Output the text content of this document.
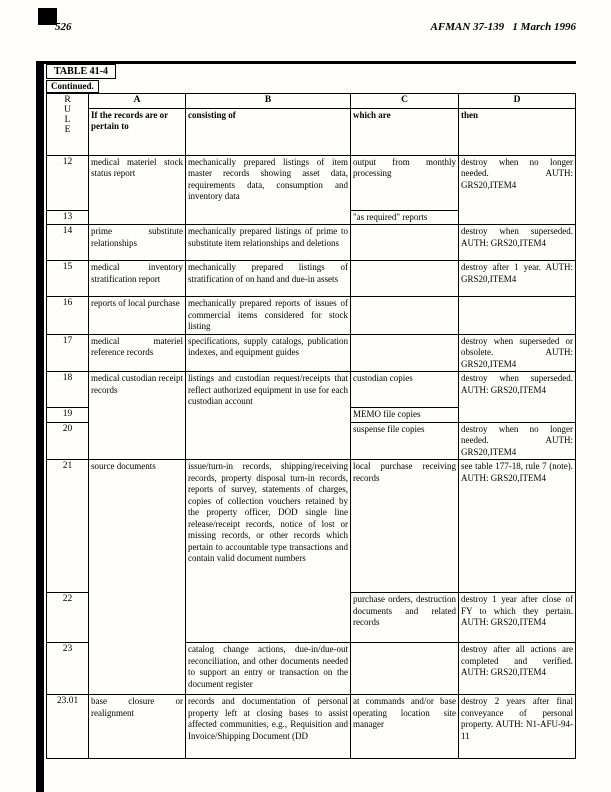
526	AFMAN 37-139   1 March 1996
TABLE 41-4
Continued.
R
U
L
E	A	B	C	D
	If the records are or pertain to	consisting of	which are	then
12	medical materiel stock status report	mechanically prepared listings of item master records showing asset data, requirements data, consumption and inventory data	output from monthly processing	destroy when no longer needed. AUTH: GRS20,ITEM4
13			"as required" reports	
14	prime substitute relationships	mechanically prepared listings of prime to substitute item relationships and deletions		destroy when superseded. AUTH: GRS20,ITEM4
15	medical inventory stratification report	mechanically prepared listings of stratification of on hand and due-in assets		destroy after 1 year. AUTH: GRS20,ITEM4
16	reports of local purchase	mechanically prepared reports of issues of commercial items considered for stock listing		
17	medical materiel reference records	specifications, supply catalogs, publication indexes, and equipment guides		destroy when superseded or obsolete. AUTH: GRS20,ITEM4
18	medical custodian receipt records	listings and custodian request/receipts that reflect authorized equipment in use for each custodian account	custodian copies	destroy when superseded. AUTH: GRS20,ITEM4
19			MEMO file copies	
20			suspense file copies	destroy when no longer needed. AUTH: GRS20,ITEM4
21	source documents	issue/turn-in records, shipping/receiving records, property disposal turn-in records, reports of survey, statements of charges, copies of collection vouchers retained by the property officer, DOD single line release/receipt records, notice of lost or missing records, or other records which pertain to accountable type transactions and contain valid document numbers	local purchase receiving records	see table 177-18, rule 7 (note). AUTH: GRS20,ITEM4
22			purchase orders, destruction documents and related records	destroy 1 year after close of FY to which they pertain. AUTH: GRS20,ITEM4
23		catalog change actions, due-in/due-out reconciliation, and other documents needed to support an entry or transaction on the document register		destroy after all actions are completed and verified. AUTH: GRS20,ITEM4
23.01	base closure or realignment	records and documentation of personal property left at closing bases to assist affected communities, e.g., Requisition and Invoice/Shipping Document (DD	at commands and/or base operating location site manager	destroy 2 years after final conveyance of personal property. AUTH: N1-AFU-94-11
